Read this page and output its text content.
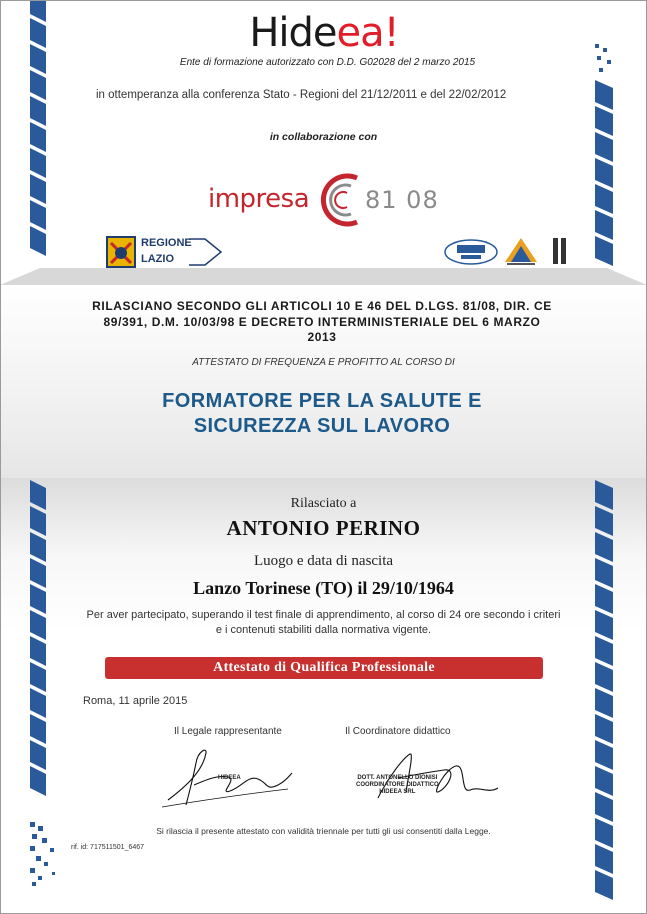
Hideea!
Ente di formazione autorizzato con D.D. G02028 del 2 marzo 2015
in ottemperanza alla conferenza Stato - Regioni del 21/12/2011 e del 22/02/2012
in collaborazione con
impresa 81 08
REGIONE
LAZIO
RILASCIANO SECONDO GLI ARTICOLI 10 E 46 DEL D.LGS. 81/08, DIR. CE 89/391, D.M. 10/03/98 E DECRETO INTERMINISTERIALE DEL 6 MARZO 2013
ATTESTATO DI FREQUENZA E PROFITTO AL CORSO DI
FORMATORE PER LA SALUTE E SICUREZZA SUL LAVORO
Rilasciato a
ANTONIO PERINO
Luogo e data di nascita
Lanzo Torinese (TO) il 29/10/1964
Per aver partecipato, superando il test finale di apprendimento, al corso di 24 ore secondo i criteri e i contenuti stabiliti dalla normativa vigente.
Attestato di Qualifica Professionale
Roma, 11 aprile 2015
Il Legale rappresentante	Il Coordinatore didattico
HIDEEA	DOTT. ANTONELLO DIONISI
COORDINATORE DIDATTICO
HIDEEA SRL
Si rilascia il presente attestato con validità triennale per tutti gli usi consentiti dalla Legge.
rif. id: 717511501_6467
